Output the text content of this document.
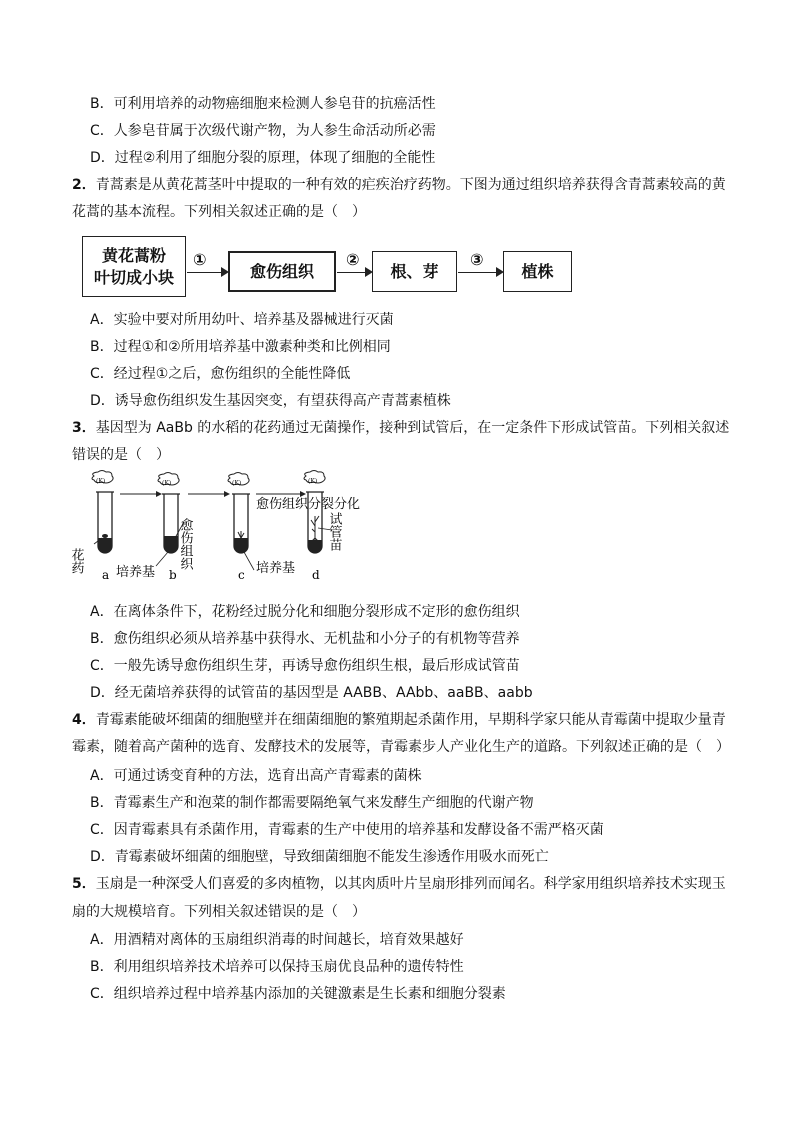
B．可利用培养的动物癌细胞来检测人参皂苷的抗癌活性
C．人参皂苷属于次级代谢产物，为人参生命活动所必需
D．过程②利用了细胞分裂的原理，体现了细胞的全能性
2．青蒿素是从黄花蒿茎叶中提取的一种有效的疟疾治疗药物。下图为通过组织培养获得含青蒿素较高的黄
花蒿的基本流程。下列相关叙述正确的是（　）
黄花蒿粉
叶切成小块
①
愈伤组织
②
根、芽
③
植株
A．实验中要对所用幼叶、培养基及器械进行灭菌
B．过程①和②所用培养基中激素种类和比例相同
C．经过程①之后，愈伤组织的全能性降低
D．诱导愈伤组织发生基因突变，有望获得高产青蒿素植株
3．基因型为 AaBb 的水稻的花药通过无菌操作，接种到试管后，在一定条件下形成试管苗。下列相关叙述
错误的是（　）
(K)	(K)	(K)	(K)
花药
a 培养基 b
愈伤组织
c 培养基
愈伤组织分裂分化
d
试管苗
A．在离体条件下，花粉经过脱分化和细胞分裂形成不定形的愈伤组织
B．愈伤组织必须从培养基中获得水、无机盐和小分子的有机物等营养
C．一般先诱导愈伤组织生芽，再诱导愈伤组织生根，最后形成试管苗
D．经无菌培养获得的试管苗的基因型是 AABB、AAbb、aaBB、aabb
4．青霉素能破坏细菌的细胞壁并在细菌细胞的繁殖期起杀菌作用，早期科学家只能从青霉菌中提取少量青
霉素，随着高产菌种的选育、发酵技术的发展等，青霉素步人产业化生产的道路。下列叙述正确的是（　）
A．可通过诱变育种的方法，选育出高产青霉素的菌株
B．青霉素生产和泡菜的制作都需要隔绝氧气来发酵生产细胞的代谢产物
C．因青霉素具有杀菌作用，青霉素的生产中使用的培养基和发酵设备不需严格灭菌
D．青霉素破坏细菌的细胞壁，导致细菌细胞不能发生渗透作用吸水而死亡
5．玉扇是一种深受人们喜爱的多肉植物，以其肉质叶片呈扇形排列而闻名。科学家用组织培养技术实现玉
扇的大规模培育。下列相关叙述错误的是（　）
A．用酒精对离体的玉扇组织消毒的时间越长，培育效果越好
B．利用组织培养技术培养可以保持玉扇优良品种的遗传特性
C．组织培养过程中培养基内添加的关键激素是生长素和细胞分裂素
